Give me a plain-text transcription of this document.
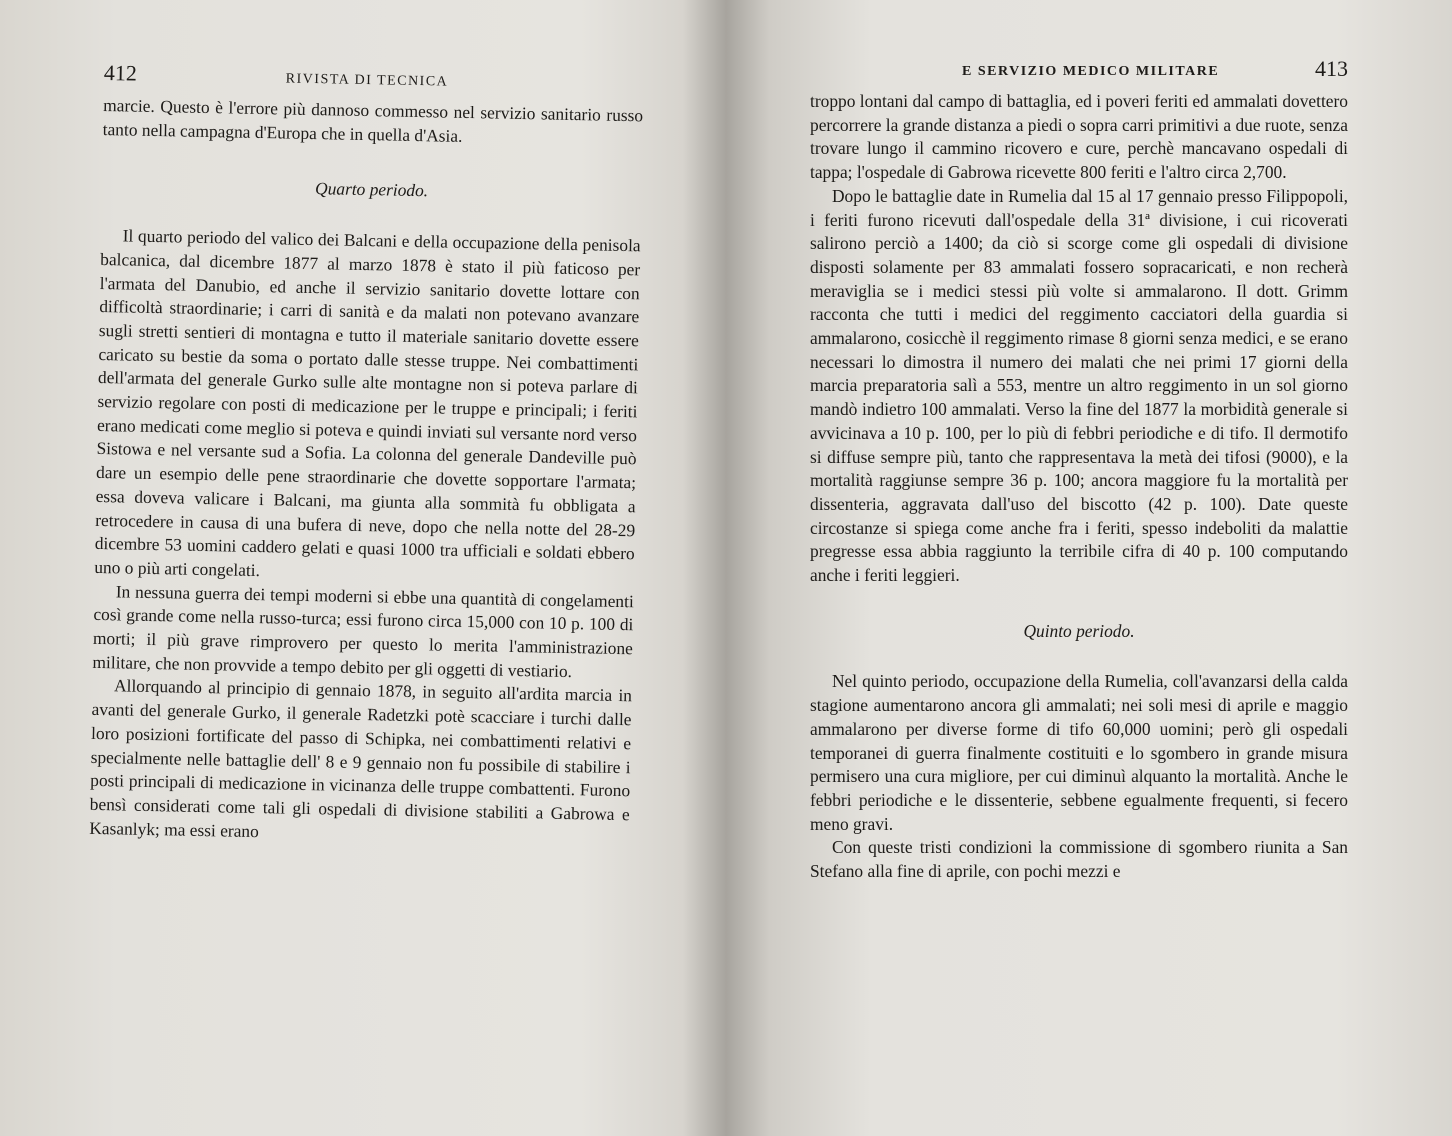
412	RIVISTA DI TECNICA

marcie. Questo è l'errore più dannoso commesso nel servizio sanitario russo tanto nella campagna d'Europa che in quella d'Asia.

Quarto periodo.

Il quarto periodo del valico dei Balcani e della occupazione della penisola balcanica, dal dicembre 1877 al marzo 1878 è stato il più faticoso per l'armata del Danubio, ed anche il servizio sanitario dovette lottare con difficoltà straordinarie; i carri di sanità e da malati non potevano avanzare sugli stretti sentieri di montagna e tutto il materiale sanitario dovette essere caricato su bestie da soma o portato dalle stesse truppe. Nei combattimenti dell'armata del generale Gurko sulle alte montagne non si poteva parlare di servizio regolare con posti di medicazione per le truppe e principali; i feriti erano medicati come meglio si poteva e quindi inviati sul versante nord verso Sistowa e nel versante sud a Sofia. La colonna del generale Dandeville può dare un esempio delle pene straordinarie che dovette sopportare l'armata; essa doveva valicare i Balcani, ma giunta alla sommità fu obbligata a retrocedere in causa di una bufera di neve, dopo che nella notte del 28-29 dicembre 53 uomini caddero gelati e quasi 1000 tra ufficiali e soldati ebbero uno o più arti congelati.

In nessuna guerra dei tempi moderni si ebbe una quantità di congelamenti così grande come nella russo-turca; essi furono circa 15,000 con 10 p. 100 di morti; il più grave rimprovero per questo lo merita l'amministrazione militare, che non provvide a tempo debito per gli oggetti di vestiario.

Allorquando al principio di gennaio 1878, in seguito all'ardita marcia in avanti del generale Gurko, il generale Radetzki potè scacciare i turchi dalle loro posizioni fortificate del passo di Schipka, nei combattimenti relativi e specialmente nelle battaglie dell' 8 e 9 gennaio non fu possibile di stabilire i posti principali di medicazione in vicinanza delle truppe combattenti. Furono bensì considerati come tali gli ospedali di divisione stabiliti a Gabrowa e Kasanlyk; ma essi erano

E SERVIZIO MEDICO MILITARE	413

troppo lontani dal campo di battaglia, ed i poveri feriti ed ammalati dovettero percorrere la grande distanza a piedi o sopra carri primitivi a due ruote, senza trovare lungo il cammino ricovero e cure, perchè mancavano ospedali di tappa; l'ospedale di Gabrowa ricevette 800 feriti e l'altro circa 2,700.

Dopo le battaglie date in Rumelia dal 15 al 17 gennaio presso Filippopoli, i feriti furono ricevuti dall'ospedale della 31ª divisione, i cui ricoverati salirono perciò a 1400; da ciò si scorge come gli ospedali di divisione disposti solamente per 83 ammalati fossero sopracaricati, e non recherà meraviglia se i medici stessi più volte si ammalarono. Il dott. Grimm racconta che tutti i medici del reggimento cacciatori della guardia si ammalarono, cosicchè il reggimento rimase 8 giorni senza medici, e se erano necessari lo dimostra il numero dei malati che nei primi 17 giorni della marcia preparatoria salì a 553, mentre un altro reggimento in un sol giorno mandò indietro 100 ammalati. Verso la fine del 1877 la morbidità generale si avvicinava a 10 p. 100, per lo più di febbri periodiche e di tifo. Il dermotifo si diffuse sempre più, tanto che rappresentava la metà dei tifosi (9000), e la mortalità raggiunse sempre 36 p. 100; ancora maggiore fu la mortalità per dissenteria, aggravata dall'uso del biscotto (42 p. 100). Date queste circostanze si spiega come anche fra i feriti, spesso indeboliti da malattie pregresse essa abbia raggiunto la terribile cifra di 40 p. 100 computando anche i feriti leggieri.

Quinto periodo.

Nel quinto periodo, occupazione della Rumelia, coll'avanzarsi della calda stagione aumentarono ancora gli ammalati; nei soli mesi di aprile e maggio ammalarono per diverse forme di tifo 60,000 uomini; però gli ospedali temporanei di guerra finalmente costituiti e lo sgombero in grande misura permisero una cura migliore, per cui diminuì alquanto la mortalità. Anche le febbri periodiche e le dissenterie, sebbene egualmente frequenti, si fecero meno gravi.

Con queste tristi condizioni la commissione di sgombero riunita a San Stefano alla fine di aprile, con pochi mezzi e
